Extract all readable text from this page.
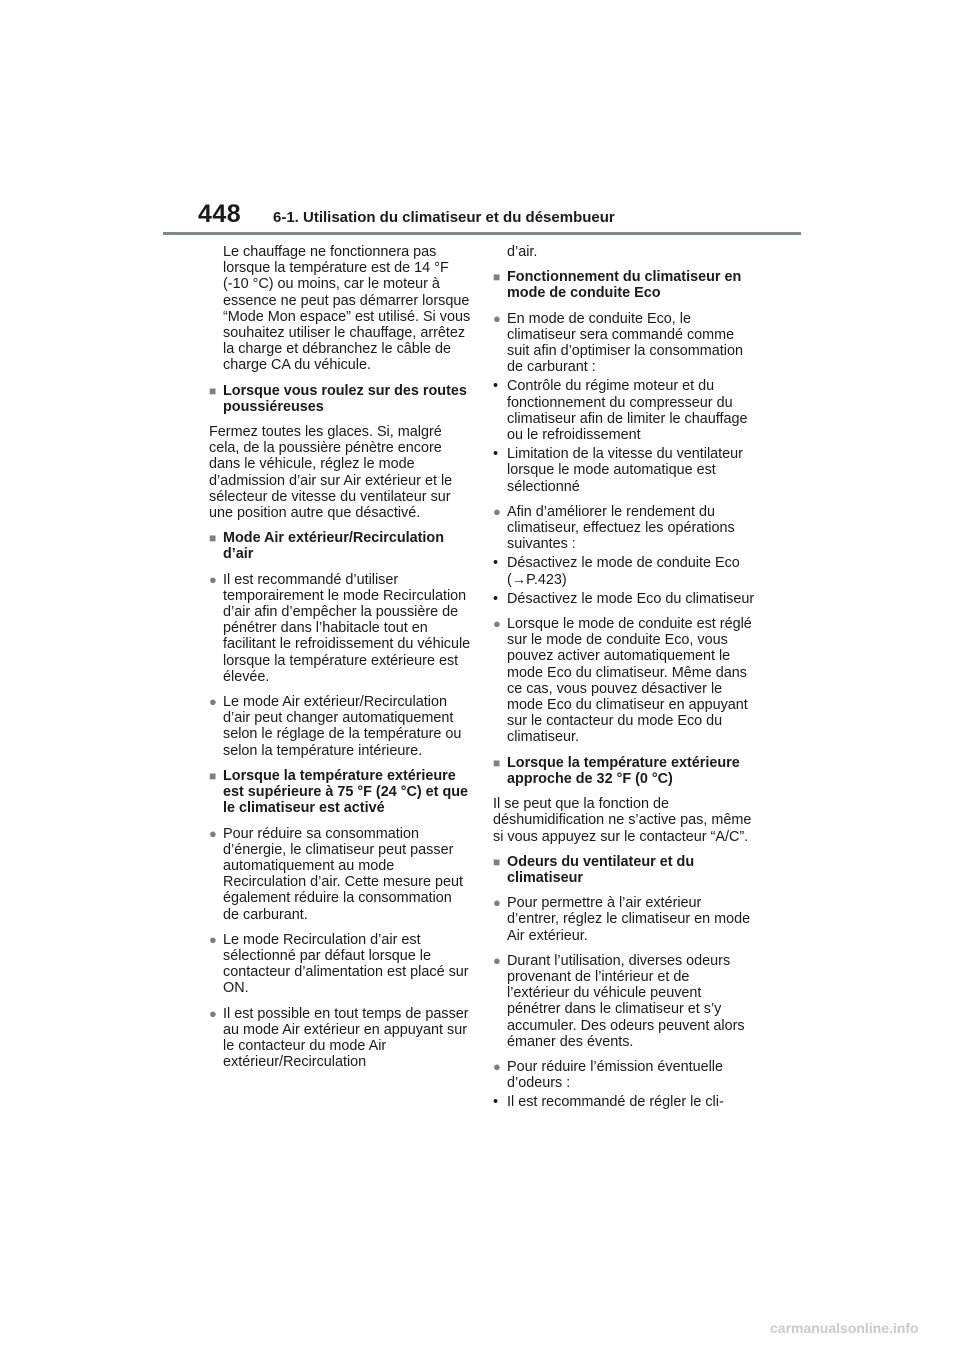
448 6-1. Utilisation du climatiseur et du désembueur

Le chauffage ne fonctionnera pas lorsque la température est de 14 °F (-10 °C) ou moins, car le moteur à essence ne peut pas démarrer lorsque “Mode Mon espace” est utilisé. Si vous souhaitez utiliser le chauffage, arrêtez la charge et débranchez le câble de charge CA du véhicule.

■ Lorsque vous roulez sur des routes poussiéreuses

Fermez toutes les glaces. Si, malgré cela, de la poussière pénètre encore dans le véhicule, réglez le mode d’admission d’air sur Air extérieur et le sélecteur de vitesse du ventilateur sur une position autre que désactivé.

■ Mode Air extérieur/Recirculation d’air
● Il est recommandé d’utiliser temporairement le mode Recirculation d’air afin d’empêcher la poussière de pénétrer dans l’habitacle tout en facilitant le refroidissement du véhicule lorsque la température extérieure est élevée.
● Le mode Air extérieur/Recirculation d’air peut changer automatiquement selon le réglage de la température ou selon la température intérieure.
■ Lorsque la température extérieure est supérieure à 75 °F (24 °C) et que le climatiseur est activé
● Pour réduire sa consommation d’énergie, le climatiseur peut passer automatiquement au mode Recirculation d’air. Cette mesure peut également réduire la consommation de carburant.
● Le mode Recirculation d’air est sélectionné par défaut lorsque le contacteur d’alimentation est placé sur ON.
● Il est possible en tout temps de passer au mode Air extérieur en appuyant sur le contacteur du mode Air extérieur/Recirculation

d’air.

■ Fonctionnement du climatiseur en mode de conduite Eco
● En mode de conduite Eco, le climatiseur sera commandé comme suit afin d’optimiser la consommation de carburant :
• Contrôle du régime moteur et du fonctionnement du compresseur du climatiseur afin de limiter le chauffage ou le refroidissement
• Limitation de la vitesse du ventilateur lorsque le mode automatique est sélectionné
● Afin d’améliorer le rendement du climatiseur, effectuez les opérations suivantes :
• Désactivez le mode de conduite Eco (→P.423)
• Désactivez le mode Eco du climatiseur
● Lorsque le mode de conduite est réglé sur le mode de conduite Eco, vous pouvez activer automatiquement le mode Eco du climatiseur. Même dans ce cas, vous pouvez désactiver le mode Eco du climatiseur en appuyant sur le contacteur du mode Eco du climatiseur.
■ Lorsque la température extérieure approche de 32 °F (0 °C)

Il se peut que la fonction de déshumidification ne s’active pas, même si vous appuyez sur le contacteur “A/C”.

■ Odeurs du ventilateur et du climatiseur
● Pour permettre à l’air extérieur d’entrer, réglez le climatiseur en mode Air extérieur.
● Durant l’utilisation, diverses odeurs provenant de l’intérieur et de l’extérieur du véhicule peuvent pénétrer dans le climatiseur et s’y accumuler. Des odeurs peuvent alors émaner des évents.
● Pour réduire l’émission éventuelle d’odeurs :
• Il est recommandé de régler le cli-
carmanualsonline.info
